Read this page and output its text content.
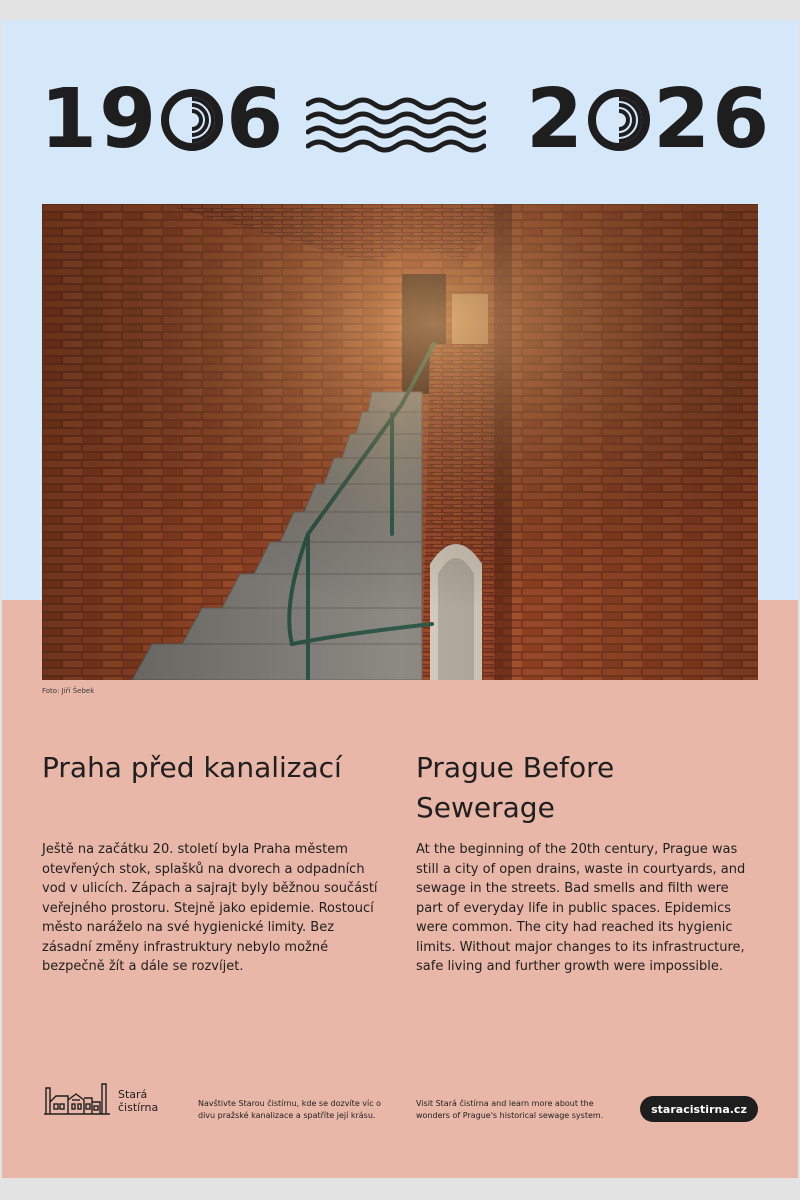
1 9 6	2 2 6
Foto: Jiří Šebek
Praha před kanalizací	Prague Before Sewerage

Ještě na začátku 20. století byla Praha městem otevřených stok, splašků na dvorech a odpadních vod v ulicích. Zápach a sajrajt byly běžnou součástí veřejného prostoru. Stejně jako epidemie. Rostoucí město naráželo na své hygienické limity. Bez zásadní změny infrastruktury nebylo možné bezpečně žít a dále se rozvíjet.

At the beginning of the 20th century, Prague was still a city of open drains, waste in courtyards, and sewage in the streets. Bad smells and filth were part of everyday life in public spaces. Epidemics were common. The city had reached its hygienic limits. Without major changes to its infrastructure, safe living and further growth were impossible.

Stará
čistírna	Navštivte Starou čistírnu, kde se dozvíte víc o divu pražské kanalizace a spatříte její krásu.

Visit Stará čistírna and learn more about the wonders of Prague's historical sewage system.	staracistirna.cz
